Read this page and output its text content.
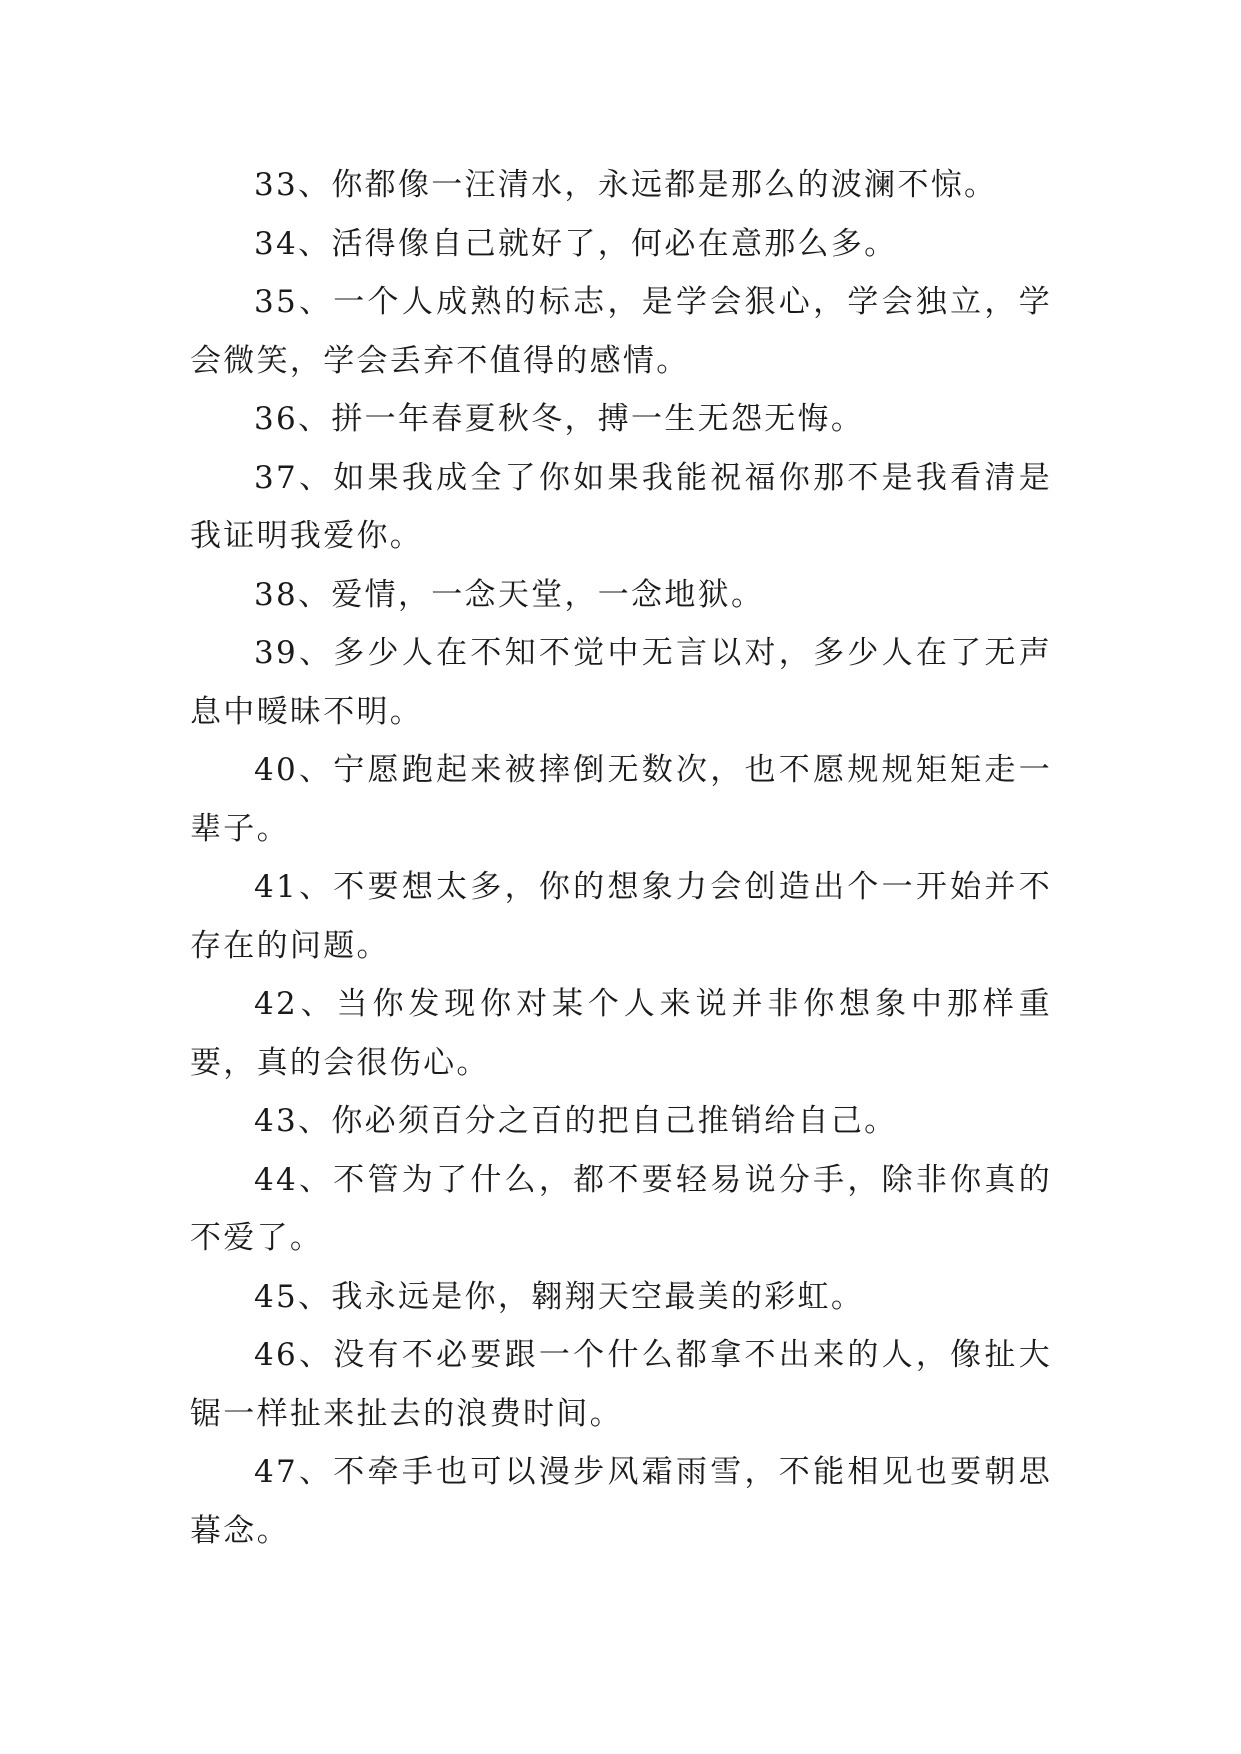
33、你都像一汪清水，永远都是那么的波澜不惊。

34、活得像自己就好了，何必在意那么多。

35、一个人成熟的标志，是学会狠心，学会独立，学会微笑，学会丢弃不值得的感情。

36、拼一年春夏秋冬，搏一生无怨无悔。

37、如果我成全了你如果我能祝福你那不是我看清是我证明我爱你。

38、爱情，一念天堂，一念地狱。

39、多少人在不知不觉中无言以对，多少人在了无声息中暧昧不明。

40、宁愿跑起来被摔倒无数次，也不愿规规矩矩走一辈子。

41、不要想太多，你的想象力会创造出个一开始并不存在的问题。

42、当你发现你对某个人来说并非你想象中那样重要，真的会很伤心。

43、你必须百分之百的把自己推销给自己。

44、不管为了什么，都不要轻易说分手，除非你真的不爱了。

45、我永远是你，翱翔天空最美的彩虹。

46、没有不必要跟一个什么都拿不出来的人，像扯大锯一样扯来扯去的浪费时间。

47、不牵手也可以漫步风霜雨雪，不能相见也要朝思暮念。
